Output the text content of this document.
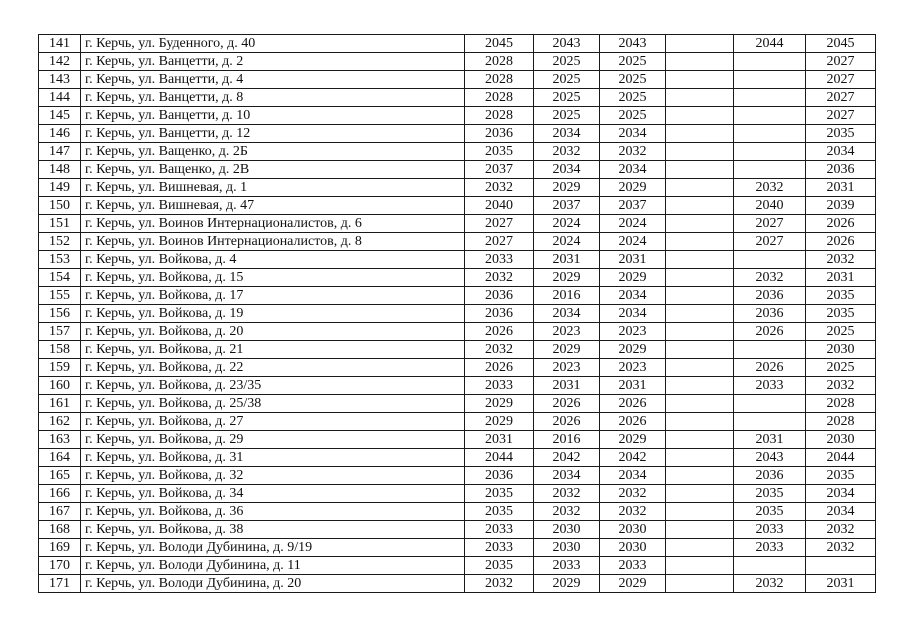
141	г. Керчь, ул. Буденного, д. 40	2045	2043	2043		2044	2045
142	г. Керчь, ул. Ванцетти, д. 2	2028	2025	2025			2027
143	г. Керчь, ул. Ванцетти, д. 4	2028	2025	2025			2027
144	г. Керчь, ул. Ванцетти, д. 8	2028	2025	2025			2027
145	г. Керчь, ул. Ванцетти, д. 10	2028	2025	2025			2027
146	г. Керчь, ул. Ванцетти, д. 12	2036	2034	2034			2035
147	г. Керчь, ул. Ващенко, д. 2Б	2035	2032	2032			2034
148	г. Керчь, ул. Ващенко, д. 2В	2037	2034	2034			2036
149	г. Керчь, ул. Вишневая, д. 1	2032	2029	2029		2032	2031
150	г. Керчь, ул. Вишневая, д. 47	2040	2037	2037		2040	2039
151	г. Керчь, ул. Воинов Интернационалистов, д. 6	2027	2024	2024		2027	2026
152	г. Керчь, ул. Воинов Интернационалистов, д. 8	2027	2024	2024		2027	2026
153	г. Керчь, ул. Войкова, д. 4	2033	2031	2031			2032
154	г. Керчь, ул. Войкова, д. 15	2032	2029	2029		2032	2031
155	г. Керчь, ул. Войкова, д. 17	2036	2016	2034		2036	2035
156	г. Керчь, ул. Войкова, д. 19	2036	2034	2034		2036	2035
157	г. Керчь, ул. Войкова, д. 20	2026	2023	2023		2026	2025
158	г. Керчь, ул. Войкова, д. 21	2032	2029	2029			2030
159	г. Керчь, ул. Войкова, д. 22	2026	2023	2023		2026	2025
160	г. Керчь, ул. Войкова, д. 23/35	2033	2031	2031		2033	2032
161	г. Керчь, ул. Войкова, д. 25/38	2029	2026	2026			2028
162	г. Керчь, ул. Войкова, д. 27	2029	2026	2026			2028
163	г. Керчь, ул. Войкова, д. 29	2031	2016	2029		2031	2030
164	г. Керчь, ул. Войкова, д. 31	2044	2042	2042		2043	2044
165	г. Керчь, ул. Войкова, д. 32	2036	2034	2034		2036	2035
166	г. Керчь, ул. Войкова, д. 34	2035	2032	2032		2035	2034
167	г. Керчь, ул. Войкова, д. 36	2035	2032	2032		2035	2034
168	г. Керчь, ул. Войкова, д. 38	2033	2030	2030		2033	2032
169	г. Керчь, ул. Володи Дубинина, д. 9/19	2033	2030	2030		2033	2032
170	г. Керчь, ул. Володи Дубинина, д. 11	2035	2033	2033			
171	г. Керчь, ул. Володи Дубинина, д. 20	2032	2029	2029		2032	2031
